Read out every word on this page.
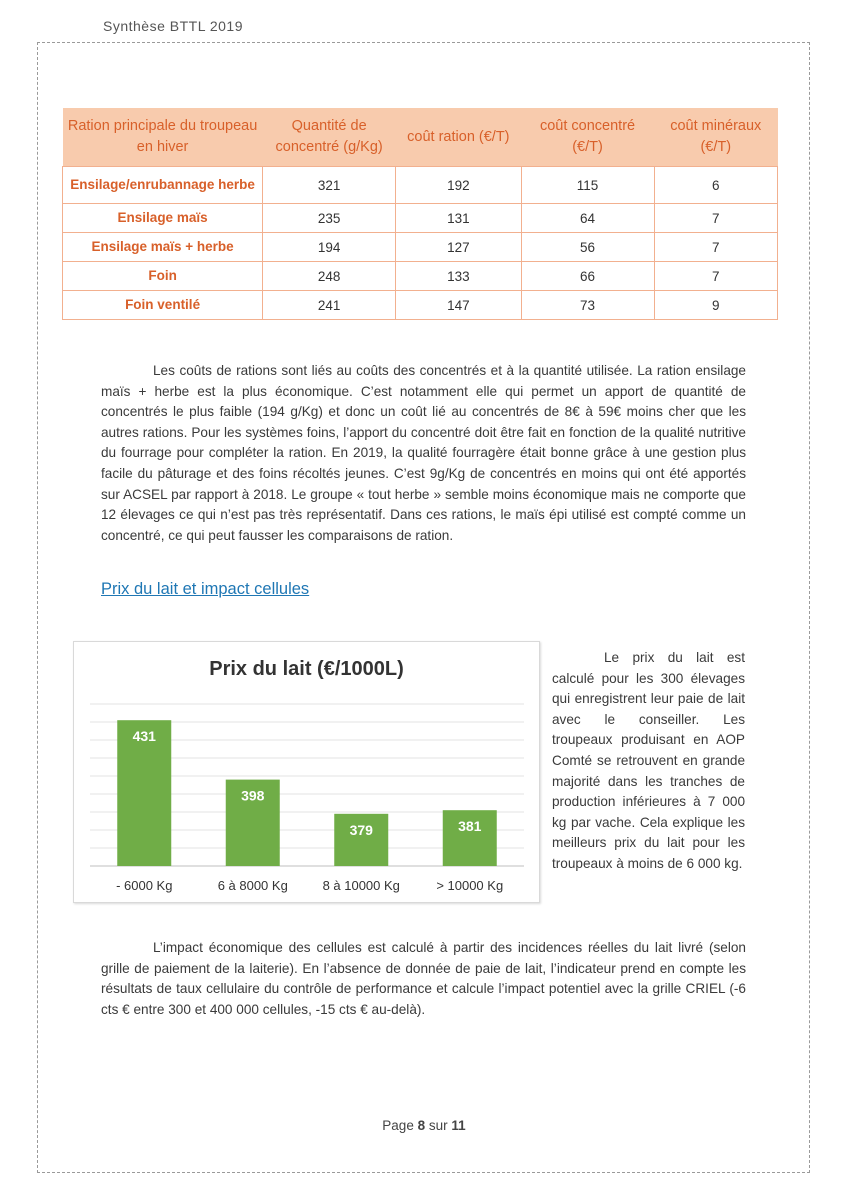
Synthèse BTTL 2019
Ration principale du troupeau en hiver	Quantité de concentré (g/Kg)	coût ration (€/T)	coût concentré (€/T)	coût minéraux (€/T)
Ensilage/enrubannage herbe	321	192	115	6
Ensilage maïs	235	131	64	7
Ensilage maïs + herbe	194	127	56	7
Foin	248	133	66	7
Foin ventilé	241	147	73	9
Les coûts de rations sont liés au coûts des concentrés et à la quantité utilisée. La ration ensilage maïs + herbe est la plus économique. C’est notamment elle qui permet un apport de quantité de concentrés le plus faible (194 g/Kg) et donc un coût lié au concentrés de 8€ à 59€ moins cher que les autres rations. Pour les systèmes foins, l’apport du concentré doit être fait en fonction de la qualité nutritive du fourrage pour compléter la ration. En 2019, la qualité fourragère était bonne grâce à une gestion plus facile du pâturage et des foins récoltés jeunes. C’est 9g/Kg de concentrés en moins qui ont été apportés sur ACSEL par rapport à 2018. Le groupe « tout herbe » semble moins économique mais ne comporte que 12 élevages ce qui n’est pas très représentatif. Dans ces rations, le maïs épi utilisé est compté comme un concentré, ce qui peut fausser les comparaisons de ration.
Prix du lait et impact cellules
Prix du lait (€/1000L)
431
- 6000 Kg
398
6 à 8000 Kg
379
8 à 10000 Kg
381
> 10000 Kg
Le prix du lait est calculé pour les 300 élevages qui enregistrent leur paie de lait avec le conseiller. Les troupeaux produisant en AOP Comté se retrouvent en grande majorité dans les tranches de production inférieures à 7 000 kg par vache. Cela explique les meilleurs prix du lait pour les troupeaux à moins de 6 000 kg.
L’impact économique des cellules est calculé à partir des incidences réelles du lait livré (selon grille de paiement de la laiterie). En l’absence de donnée de paie de lait, l’indicateur prend en compte les résultats de taux cellulaire du contrôle de performance et calcule l’impact potentiel avec la grille CRIEL (-6 cts € entre 300 et 400 000 cellules, -15 cts € au-delà).
Page 8 sur 11
